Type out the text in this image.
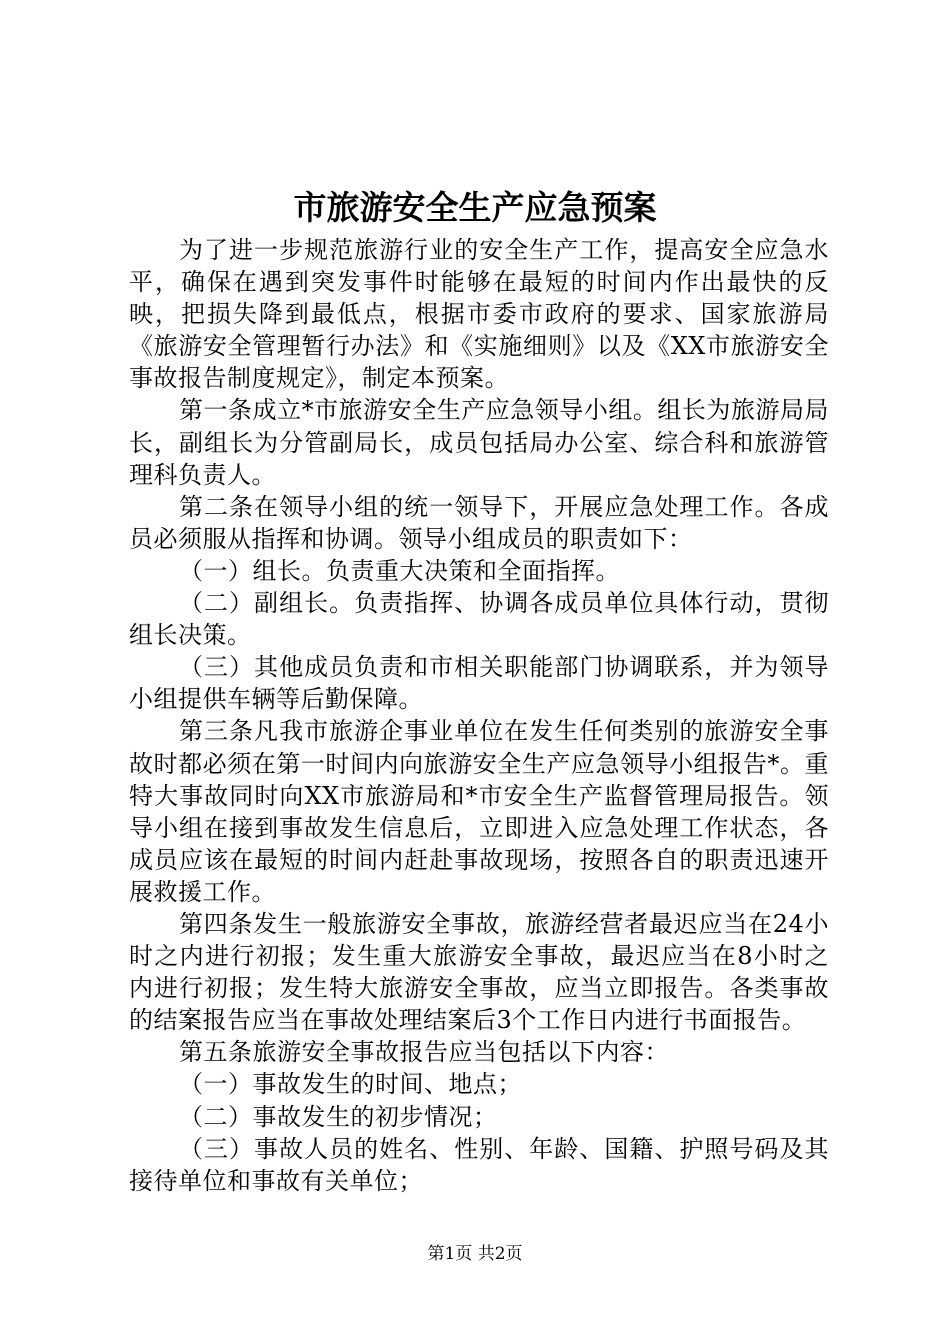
市旅游安全生产应急预案

为了进一步规范旅游行业的安全生产工作，提高安全应急水平，确保在遇到突发事件时能够在最短的时间内作出最快的反映，把损失降到最低点，根据市委市政府的要求、国家旅游局《旅游安全管理暂行办法》和《实施细则》以及《XX市旅游安全事故报告制度规定》，制定本预案。

第一条成立*市旅游安全生产应急领导小组。组长为旅游局局长，副组长为分管副局长，成员包括局办公室、综合科和旅游管理科负责人。

第二条在领导小组的统一领导下，开展应急处理工作。各成员必须服从指挥和协调。领导小组成员的职责如下：

（一）组长。负责重大决策和全面指挥。

（二）副组长。负责指挥、协调各成员单位具体行动，贯彻组长决策。

（三）其他成员负责和市相关职能部门协调联系，并为领导小组提供车辆等后勤保障。

第三条凡我市旅游企事业单位在发生任何类别的旅游安全事故时都必须在第一时间内向旅游安全生产应急领导小组报告*。重特大事故同时向XX市旅游局和*市安全生产监督管理局报告。领导小组在接到事故发生信息后，立即进入应急处理工作状态，各成员应该在最短的时间内赶赴事故现场，按照各自的职责迅速开展救援工作。

第四条发生一般旅游安全事故，旅游经营者最迟应当在24小时之内进行初报；发生重大旅游安全事故，最迟应当在8小时之内进行初报；发生特大旅游安全事故，应当立即报告。各类事故的结案报告应当在事故处理结案后3个工作日内进行书面报告。

第五条旅游安全事故报告应当包括以下内容：

（一）事故发生的时间、地点；

（二）事故发生的初步情况；

（三）事故人员的姓名、性别、年龄、国籍、护照号码及其接待单位和事故有关单位；

第1页 共2页
